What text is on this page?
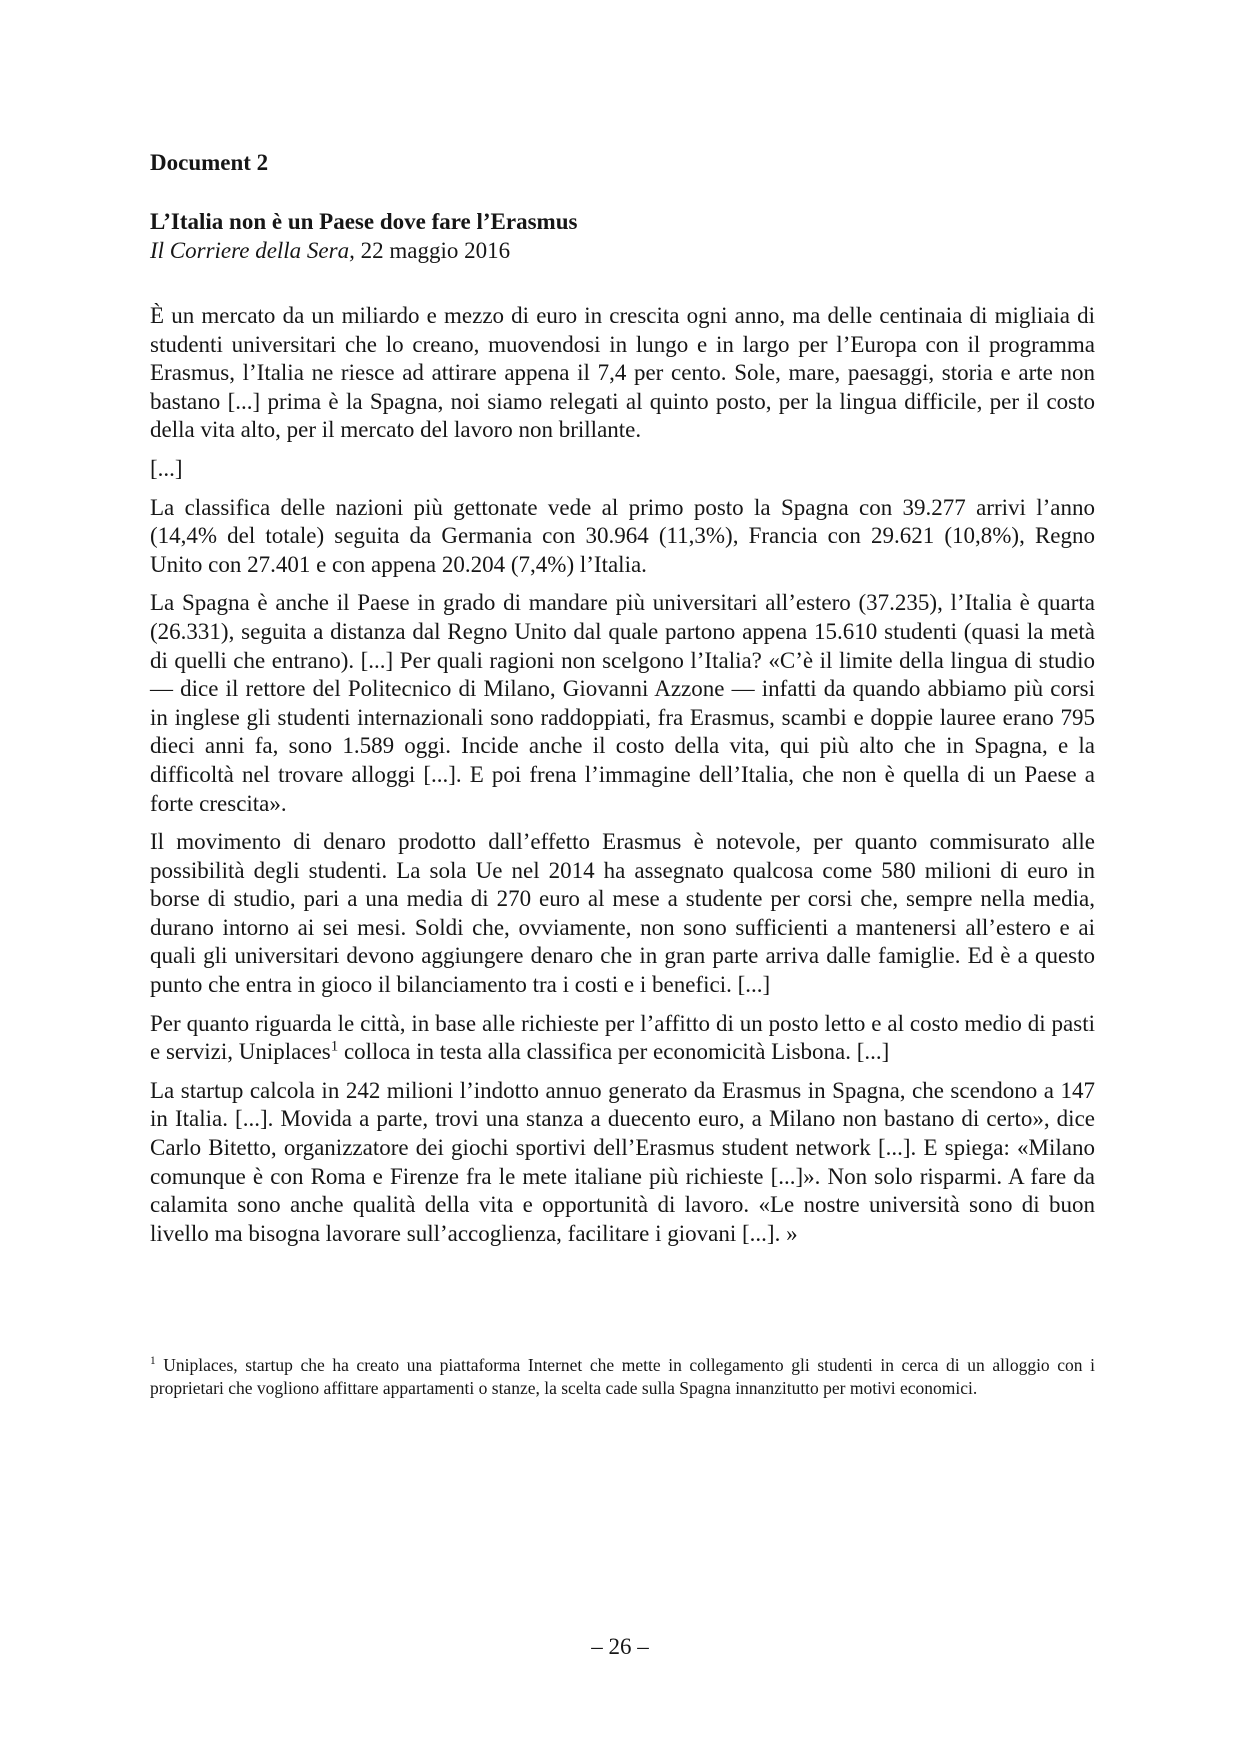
Document 2
L’Italia non è un Paese dove fare l’Erasmus

Il Corriere della Sera, 22 maggio 2016

È un mercato da un miliardo e mezzo di euro in crescita ogni anno, ma delle centinaia di migliaia di studenti universitari che lo creano, muovendosi in lungo e in largo per l’Europa con il programma Erasmus, l’Italia ne riesce ad attirare appena il 7,4 per cento. Sole, mare, paesaggi, storia e arte non bastano [...] prima è la Spagna, noi siamo relegati al quinto posto, per la lingua difficile, per il costo della vita alto, per il mercato del lavoro non brillante.

[...]

La classifica delle nazioni più gettonate vede al primo posto la Spagna con 39.277 arrivi l’anno (14,4% del totale) seguita da Germania con 30.964 (11,3%), Francia con 29.621 (10,8%), Regno Unito con 27.401 e con appena 20.204 (7,4%) l’Italia.

La Spagna è anche il Paese in grado di mandare più universitari all’estero (37.235), l’Italia è quarta (26.331), seguita a distanza dal Regno Unito dal quale partono appena 15.610 studenti (quasi la metà di quelli che entrano). [...] Per quali ragioni non scelgono l’Italia? «C’è il limite della lingua di studio — dice il rettore del Politecnico di Milano, Giovanni Azzone — infatti da quando abbiamo più corsi in inglese gli studenti internazionali sono raddoppiati, fra Erasmus, scambi e doppie lauree erano 795 dieci anni fa, sono 1.589 oggi. Incide anche il costo della vita, qui più alto che in Spagna, e la difficoltà nel trovare alloggi [...]. E poi frena l’immagine dell’Italia, che non è quella di un Paese a forte crescita».

Il movimento di denaro prodotto dall’effetto Erasmus è notevole, per quanto commisurato alle possibilità degli studenti. La sola Ue nel 2014 ha assegnato qualcosa come 580 milioni di euro in borse di studio, pari a una media di 270 euro al mese a studente per corsi che, sempre nella media, durano intorno ai sei mesi. Soldi che, ovviamente, non sono sufficienti a mantenersi all’estero e ai quali gli universitari devono aggiungere denaro che in gran parte arriva dalle famiglie. Ed è a questo punto che entra in gioco il bilanciamento tra i costi e i benefici. [...]

Per quanto riguarda le città, in base alle richieste per l’affitto di un posto letto e al costo medio di pasti e servizi, Uniplaces$^1$ colloca in testa alla classifica per economicità Lisbona. [...]

La startup calcola in 242 milioni l’indotto annuo generato da Erasmus in Spagna, che scendono a 147 in Italia. [...]. Movida a parte, trovi una stanza a duecento euro, a Milano non bastano di certo», dice Carlo Bitetto, organizzatore dei giochi sportivi dell’Erasmus student network [...]. E spiega: «Milano comunque è con Roma e Firenze fra le mete italiane più richieste [...]». Non solo risparmi. A fare da calamita sono anche qualità della vita e opportunità di lavoro. «Le nostre università sono di buon livello ma bisogna lavorare sull’accoglienza, facilitare i giovani [...]. »

$^1$ Uniplaces, startup che ha creato una piattaforma Internet che mette in collegamento gli studenti in cerca di un alloggio con i proprietari che vogliono affittare appartamenti o stanze, la scelta cade sulla Spagna innanzitutto per motivi economici.

– 26 –
